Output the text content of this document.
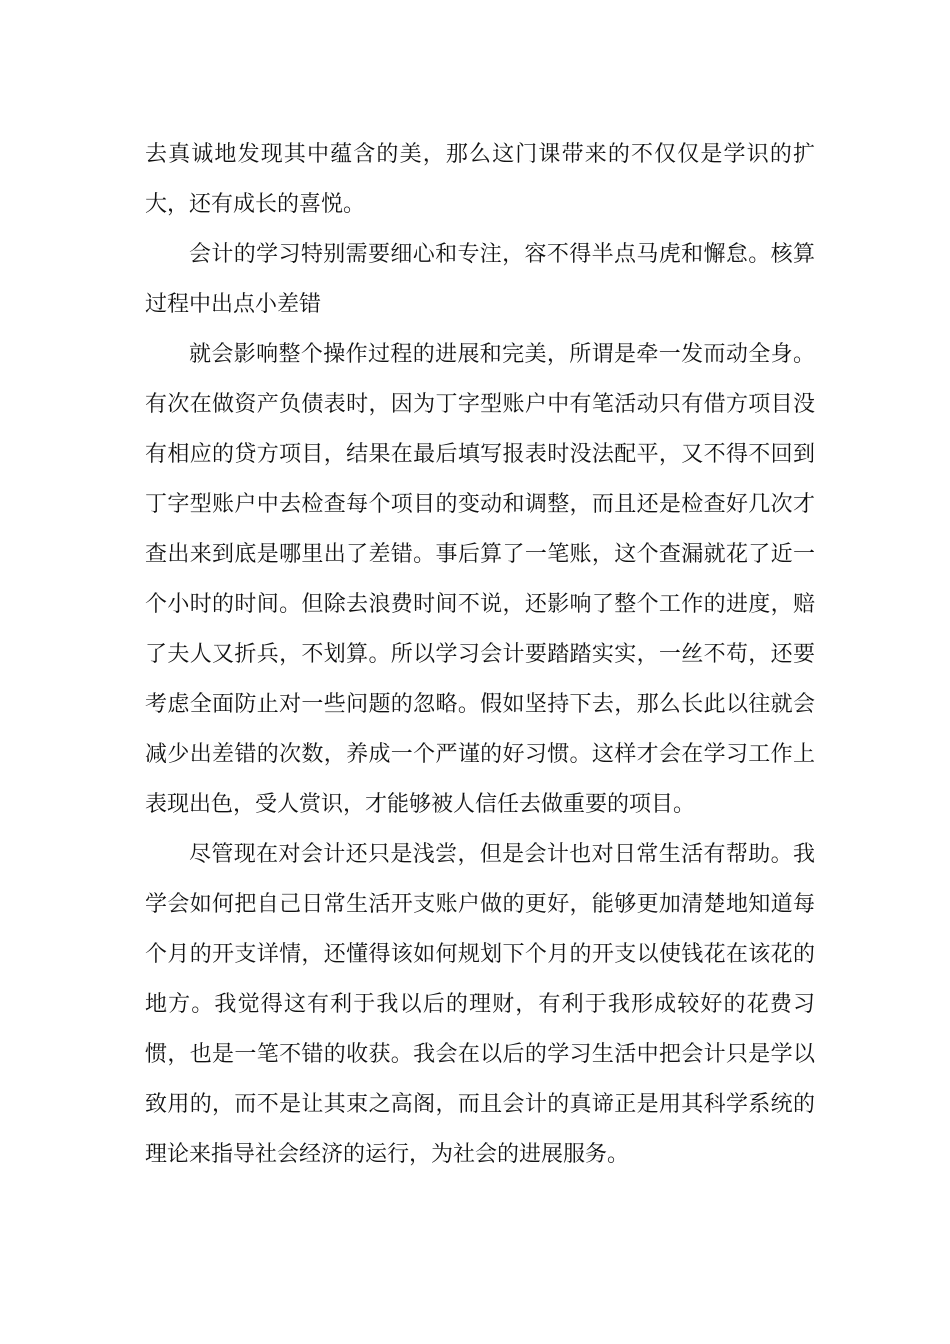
去真诚地发现其中蕴含的美，那么这门课带来的不仅仅是学识的扩大，还有成长的喜悦。

会计的学习特别需要细心和专注，容不得半点马虎和懈怠。核算过程中出点小差错

就会影响整个操作过程的进展和完美，所谓是牵一发而动全身。有次在做资产负债表时，因为丁字型账户中有笔活动只有借方项目没有相应的贷方项目，结果在最后填写报表时没法配平，又不得不回到丁字型账户中去检查每个项目的变动和调整，而且还是检查好几次才查出来到底是哪里出了差错。事后算了一笔账，这个查漏就花了近一个小时的时间。但除去浪费时间不说，还影响了整个工作的进度，赔了夫人又折兵，不划算。所以学习会计要踏踏实实，一丝不苟，还要考虑全面防止对一些问题的忽略。假如坚持下去，那么长此以往就会减少出差错的次数，养成一个严谨的好习惯。这样才会在学习工作上表现出色，受人赏识，才能够被人信任去做重要的项目。

尽管现在对会计还只是浅尝，但是会计也对日常生活有帮助。我学会如何把自己日常生活开支账户做的更好，能够更加清楚地知道每个月的开支详情，还懂得该如何规划下个月的开支以使钱花在该花的地方。我觉得这有利于我以后的理财，有利于我形成较好的花费习惯，也是一笔不错的收获。我会在以后的学习生活中把会计只是学以致用的，而不是让其束之高阁，而且会计的真谛正是用其科学系统的理论来指导社会经济的运行，为社会的进展服务。
